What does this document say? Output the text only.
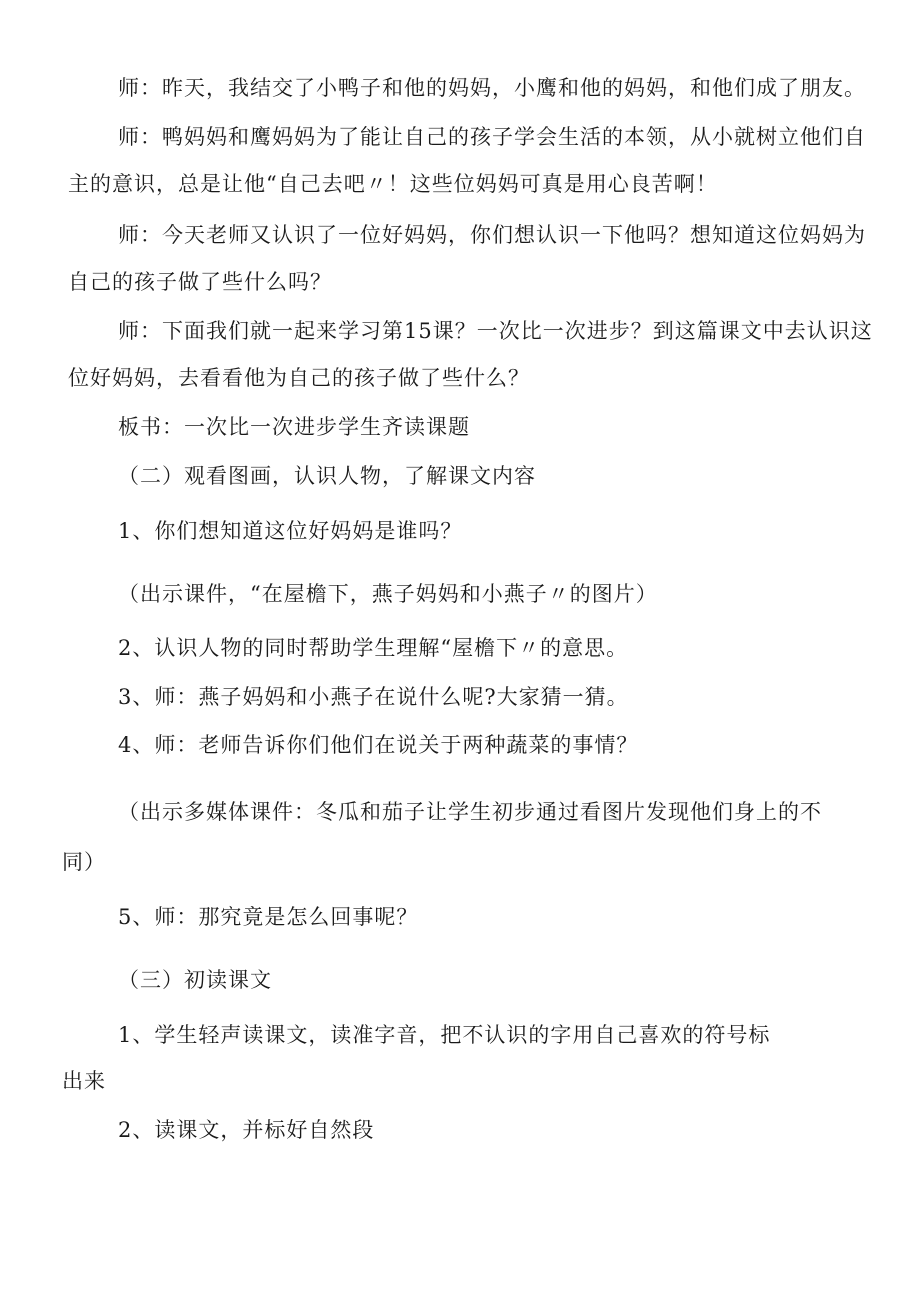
师：昨天，我结交了小鸭子和他的妈妈，小鹰和他的妈妈，和他们成了朋友。

师：鸭妈妈和鹰妈妈为了能让自己的孩子学会生活的本领，从小就树立他们自

主的意识，总是让他“自己去吧〃！这些位妈妈可真是用心良苦啊！

师：今天老师又认识了一位好妈妈，你们想认识一下他吗？想知道这位妈妈为

自己的孩子做了些什么吗？

师：下面我们就一起来学习第15课？一次比一次进步？到这篇课文中去认识这

位好妈妈，去看看他为自己的孩子做了些什么？

板书：一次比一次进步学生齐读课题

（二）观看图画，认识人物，了解课文内容

1、你们想知道这位好妈妈是谁吗？

（出示课件，“在屋檐下，燕子妈妈和小燕子〃的图片）

2、认识人物的同时帮助学生理解“屋檐下〃的意思。

3、师：燕子妈妈和小燕子在说什么呢?大家猜一猜。

4、师：老师告诉你们他们在说关于两种蔬菜的事情？

（出示多媒体课件：冬瓜和茄子让学生初步通过看图片发现他们身上的不

同）

5、师：那究竟是怎么回事呢？

（三）初读课文

1、学生轻声读课文，读准字音，把不认识的字用自己喜欢的符号标

出来

2、读课文，并标好自然段
